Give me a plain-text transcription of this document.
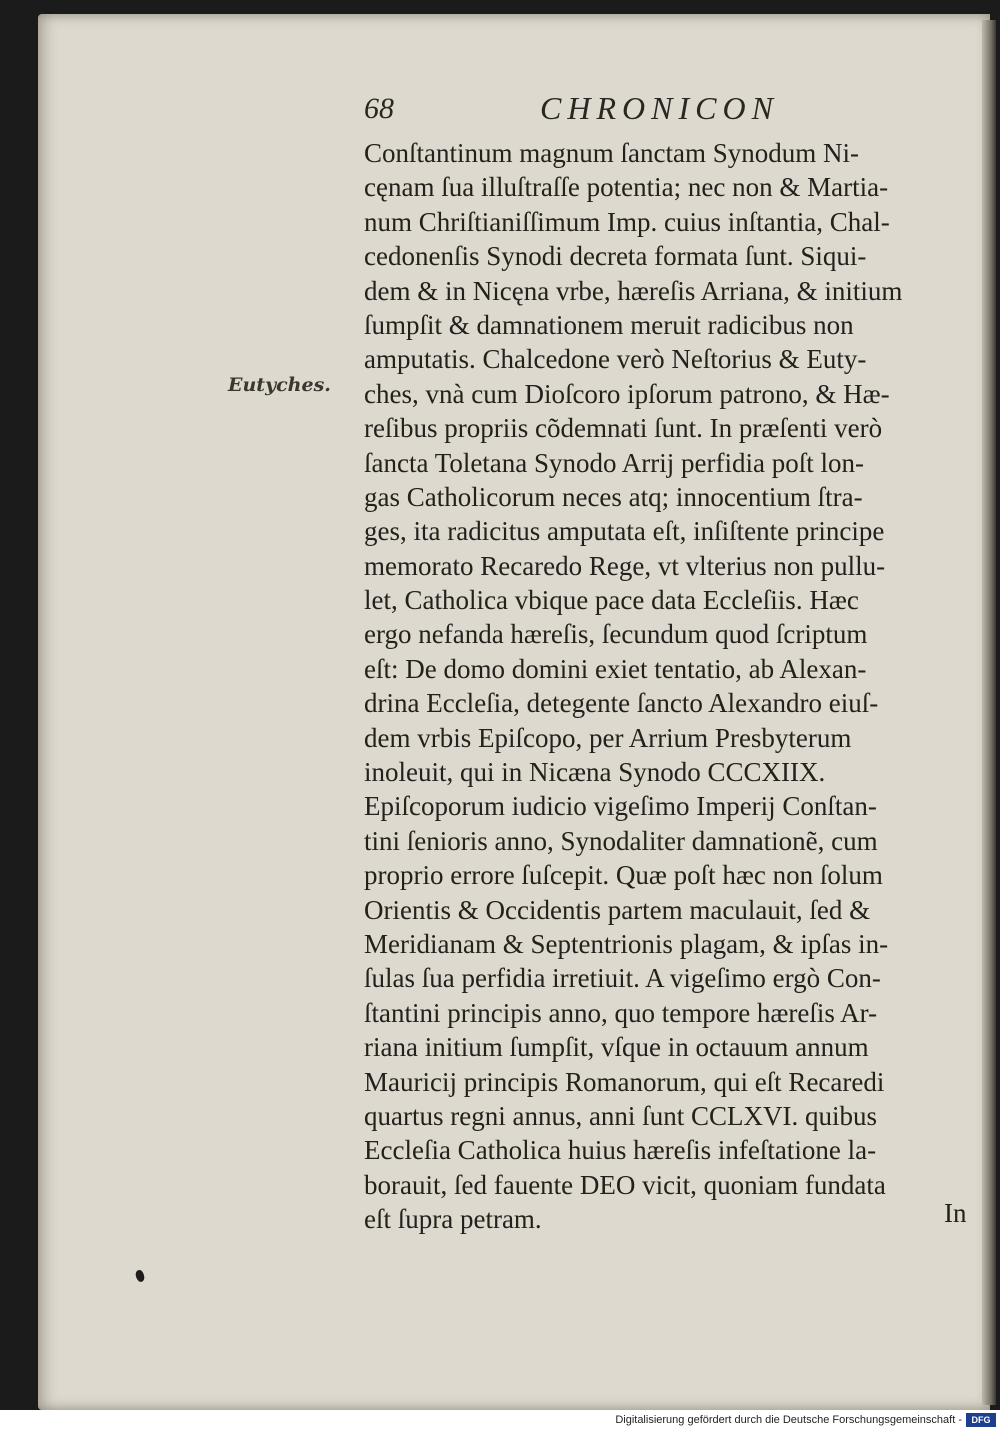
68	CHRONICON
Eutyches.
Conſtantinum magnum ſanctam Synodum Ni-
cęnam ſua illuſtraſſe potentia; nec non & Martia-
num Chriſtianiſſimum Imp. cuius inſtantia, Chal-
cedonenſis Synodi decreta formata ſunt. Siqui-
dem & in Nicęna vrbe, hæreſis Arriana, & initium
ſumpſit & damnationem meruit radicibus non
amputatis. Chalcedone verò Neſtorius & Euty-
ches, vnà cum Dioſcoro ipſorum patrono, & Hæ-
reſibus propriis cõdemnati ſunt. In præſenti verò
ſancta Toletana Synodo Arrij perfidia poſt lon-
gas Catholicorum neces atq; innocentium ſtra-
ges, ita radicitus amputata eſt, inſiſtente principe
memorato Recaredo Rege, vt vlterius non pullu-
let, Catholica vbique pace data Eccleſiis. Hæc
ergo nefanda hæreſis, ſecundum quod ſcriptum
eſt: De domo domini exiet tentatio, ab Alexan-
drina Eccleſia, detegente ſancto Alexandro eiuſ-
dem vrbis Epiſcopo, per Arrium Presbyterum
inoleuit, qui in Nicæna Synodo CCCXIIX.
Epiſcoporum iudicio vigeſimo Imperij Conſtan-
tini ſenioris anno, Synodaliter damnationẽ, cum
proprio errore ſuſcepit. Quæ poſt hæc non ſolum
Orientis & Occidentis partem maculauit, ſed &
Meridianam & Septentrionis plagam, & ipſas in-
ſulas ſua perfidia irretiuit. A vigeſimo ergò Con-
ſtantini principis anno, quo tempore hæreſis Ar-
riana initium ſumpſit, vſque in octauum annum
Mauricij principis Romanorum, qui eſt Recaredi
quartus regni annus, anni ſunt CCLXVI. quibus
Eccleſia Catholica huius hæreſis infeſtatione la-
borauit, ſed fauente DEO vicit, quoniam fundata
eſt ſupra petram.	In
Digitalisierung gefördert durch die Deutsche Forschungsgemeinschaft -	DFG
